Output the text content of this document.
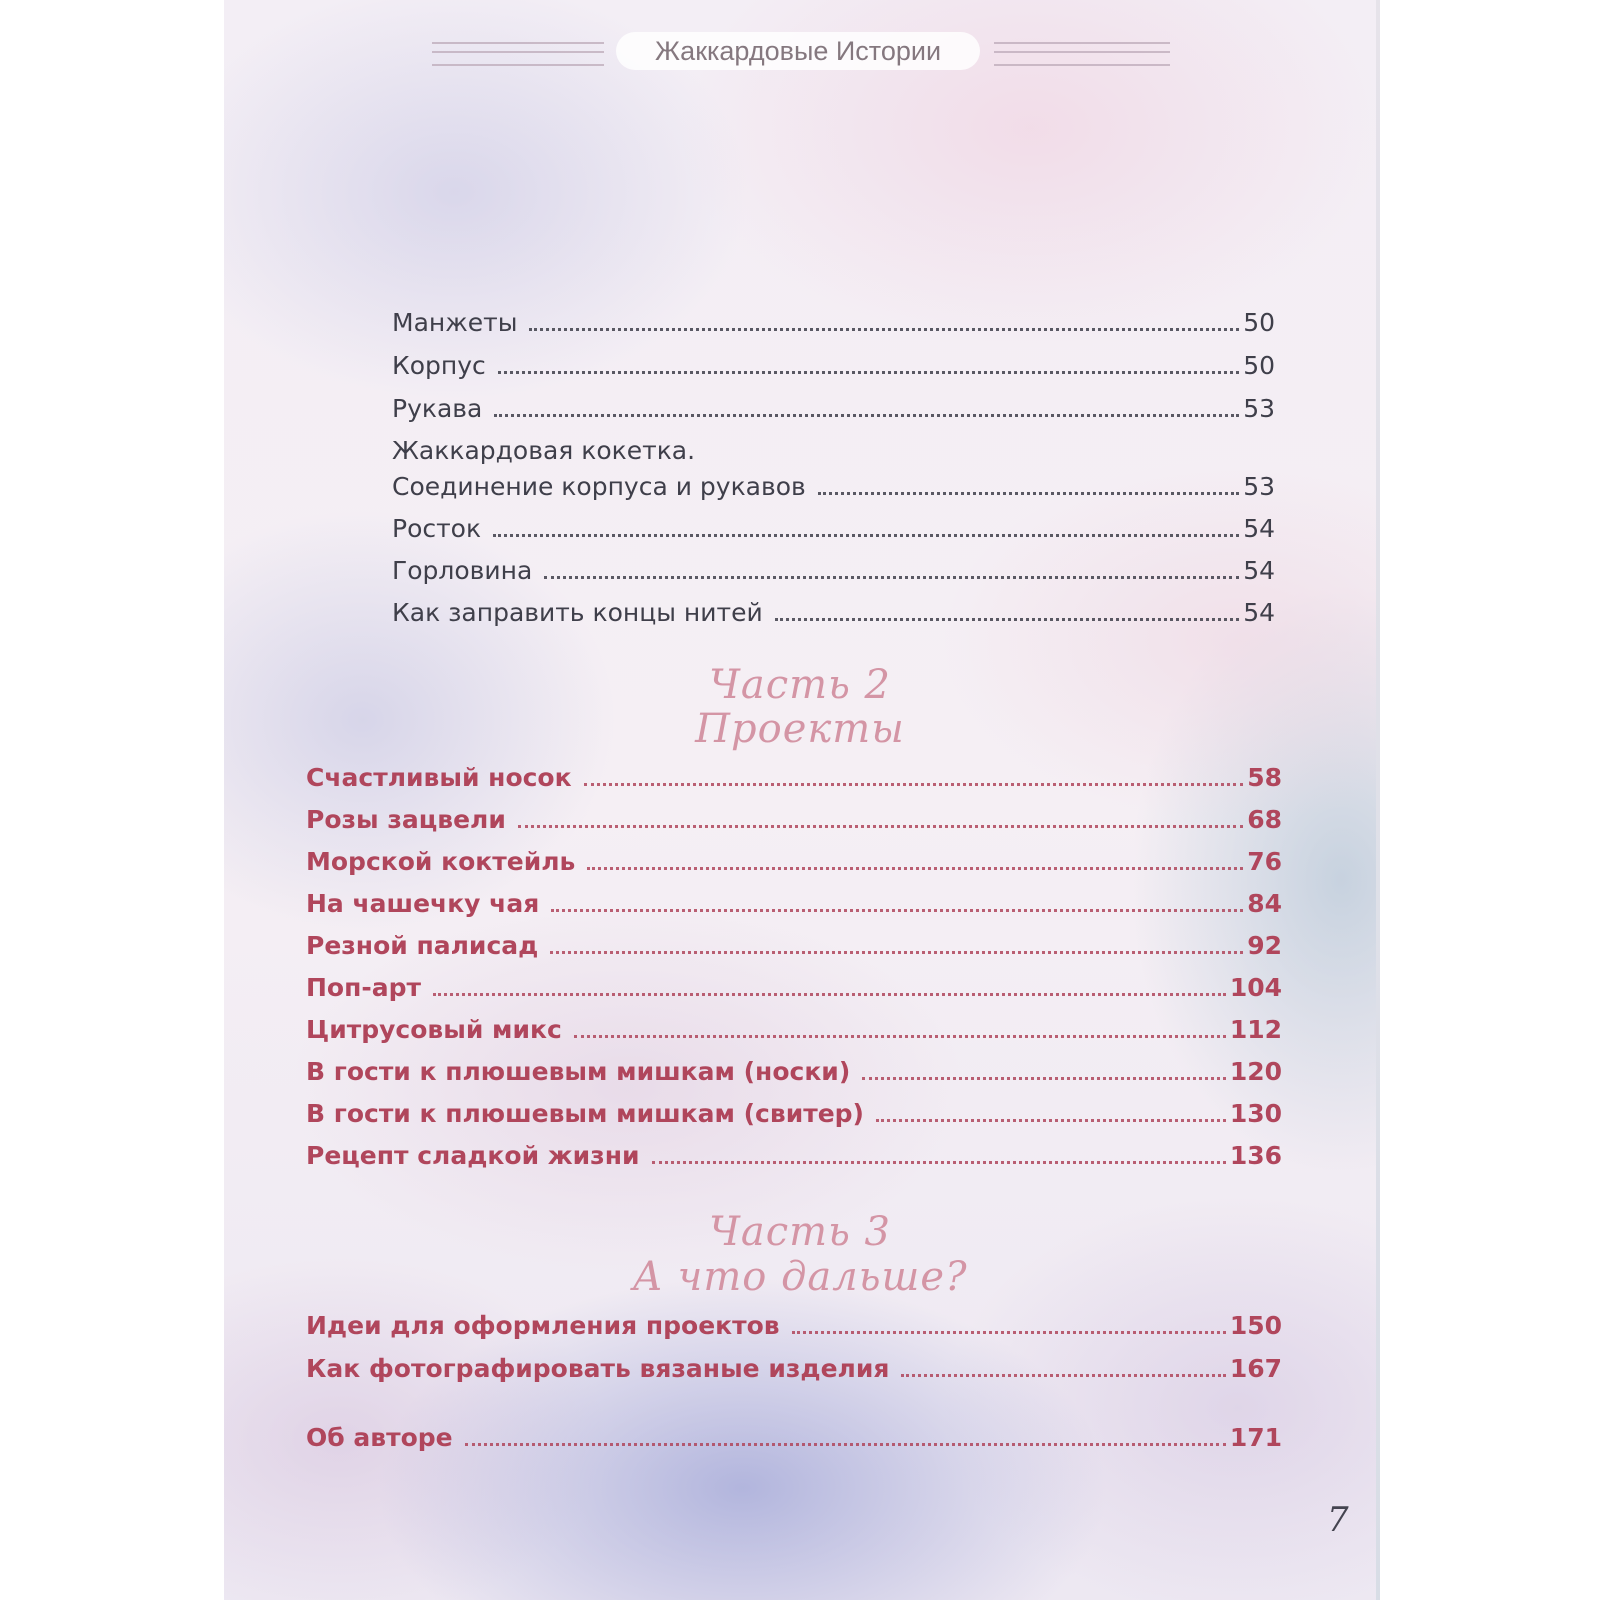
Жаккардовые Истории
Манжеты	50
Корпус	50
Рукава	53
Жаккардовая кокетка.
Соединение корпуса и рукавов	53
Росток	54
Горловина	54
Как заправить концы нитей	54
Часть 2
Проекты
Счастливый носок	58
Розы зацвели	68
Морской коктейль	76
На чашечку чая	84
Резной палисад	92
Поп-арт	104
Цитрусовый микс	112
В гости к плюшевым мишкам (носки)	120
В гости к плюшевым мишкам (свитер)	130
Рецепт сладкой жизни	136
Часть 3
А что дальше?
Идеи для оформления проектов	150
Как фотографировать вязаные изделия	167
Об авторе	171
7
